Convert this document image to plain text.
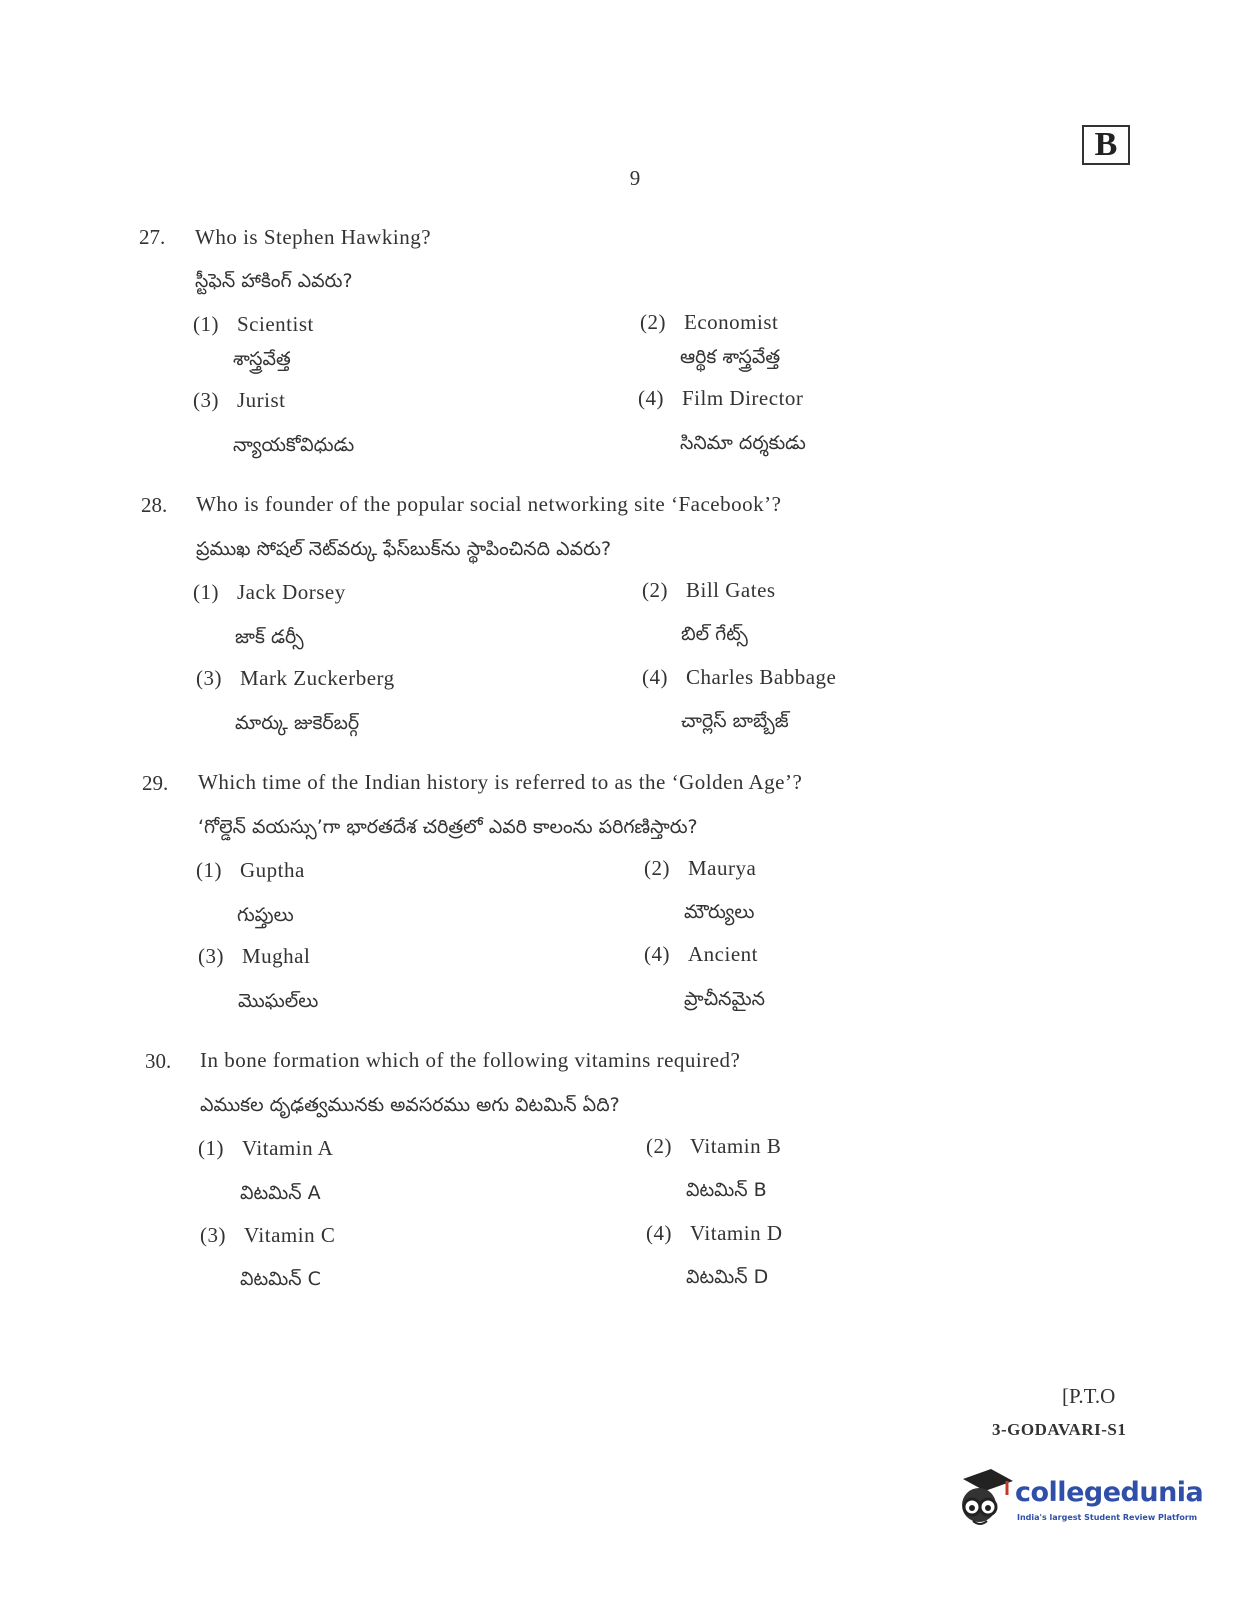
B
9
27. Who is Stephen Hawking?
స్టీఫెన్ హాకింగ్ ఎవరు?
(1) Scientist
శాస్త్రవేత్త
(2) Economist
ఆర్థిక శాస్త్రవేత్త
(3) Jurist
న్యాయకోవిధుడు
(4) Film Director
సినిమా దర్శకుడు
28. Who is founder of the popular social networking site ‘Facebook’?
ప్రముఖ సోషల్ నెట్‌వర్కు ఫేస్‌బుక్‌ను స్థాపించినది ఎవరు?
(1) Jack Dorsey
జాక్ డర్సీ
(2) Bill Gates
బిల్ గేట్స్
(3) Mark Zuckerberg
మార్కు జుకెర్‌బర్గ్
(4) Charles Babbage
చార్లెస్ బాబ్బేజ్
29. Which time of the Indian history is referred to as the ‘Golden Age’?
‘గోల్డెన్ వయస్సు’గా భారతదేశ చరిత్రలో ఎవరి కాలంను పరిగణిస్తారు?
(1) Guptha
గుప్తులు
(2) Maurya
మౌర్యులు
(3) Mughal
మొఘల్‌లు
(4) Ancient
ప్రాచీనమైన
30. In bone formation which of the following vitamins required?
ఎముకల దృఢత్వమునకు అవసరము అగు విటమిన్ ఏది?
(1) Vitamin A
విటమిన్ A
(2) Vitamin B
విటమిన్ B
(3) Vitamin C
విటమిన్ C
(4) Vitamin D
విటమిన్ D
[P.T.O
3-GODAVARI-S1
collegedunia
India's largest Student Review Platform
